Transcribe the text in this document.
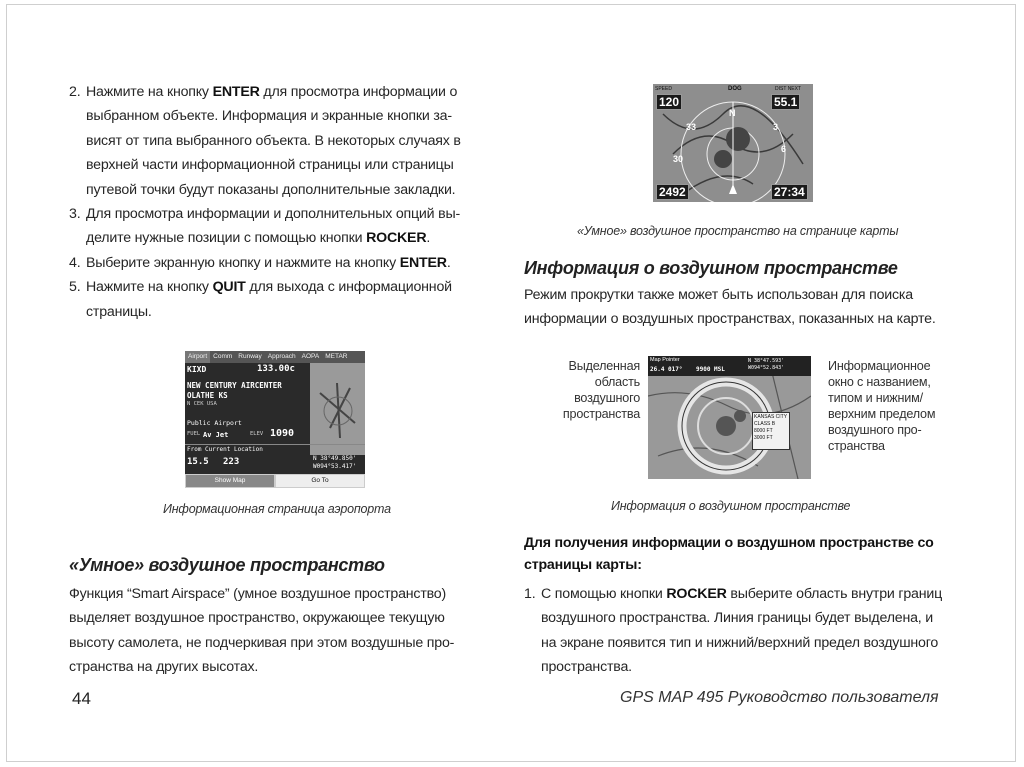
2. Нажмите на кнопку ENTER для просмотра информации о выбранном объекте. Информация и экранные кнопки за-висят от типа выбранного объекта. В некоторых случаях в верхней части информационной страницы или страницы путевой точки будут показаны дополнительные закладки.
3. Для просмотра информации и дополнительных опций вы-делите нужные позиции с помощью кнопки ROCKER.
4. Выберите экранную кнопку и нажмите на кнопку ENTER.
5. Нажмите на кнопку QUIT для выхода с информационной страницы.
Airport Comm Runway Approach AOPA METAR
KIXD	133.00c
NEW CENTURY AIRCENTER
OLATHE KS
N CEK USA
Public Airport
FUEL Av Jet	ELEV 1090
From Current Location
15.5 223	N 38°49.850'
W094°53.417'
Show Map	Go To
Информационная страница аэропорта
«Умное» воздушное пространство
Функция “Smart Airspace” (умное воздушное пространство) выделяет воздушное пространство, окружающее текущую высоту самолета, не подчеркивая при этом воздушные про-странства на других высотах.
SPEED
120
DIST NEXT
55.1
2492	27:34
DOG
N
33
30
3
6
«Умное» воздушное пространство на странице карты
Информация о воздушном пространстве
Режим прокрутки также может быть использован для поиска информации о воздушных пространствах, показанных на карте.
Выделенная область воздушного пространства
Map Pointer
26.4 017° 9900 MSL
N 38°47.593' W094°52.843'
KANSAS CITY
CLASS B
8000 FT
3000 FT
Информационное окно с названием, типом и нижним/ верхним пределом воздушного про-странства
Информация о воздушном пространстве
Для получения информации о воздушном пространстве со страницы карты:
1. С помощью кнопки ROCKER выберите область внутри границ воздушного пространства. Линия границы будет выделена, и на экране появится тип и нижний/верхний предел воздушного пространства.
44	GPS MAP 495 Руководство пользователя
